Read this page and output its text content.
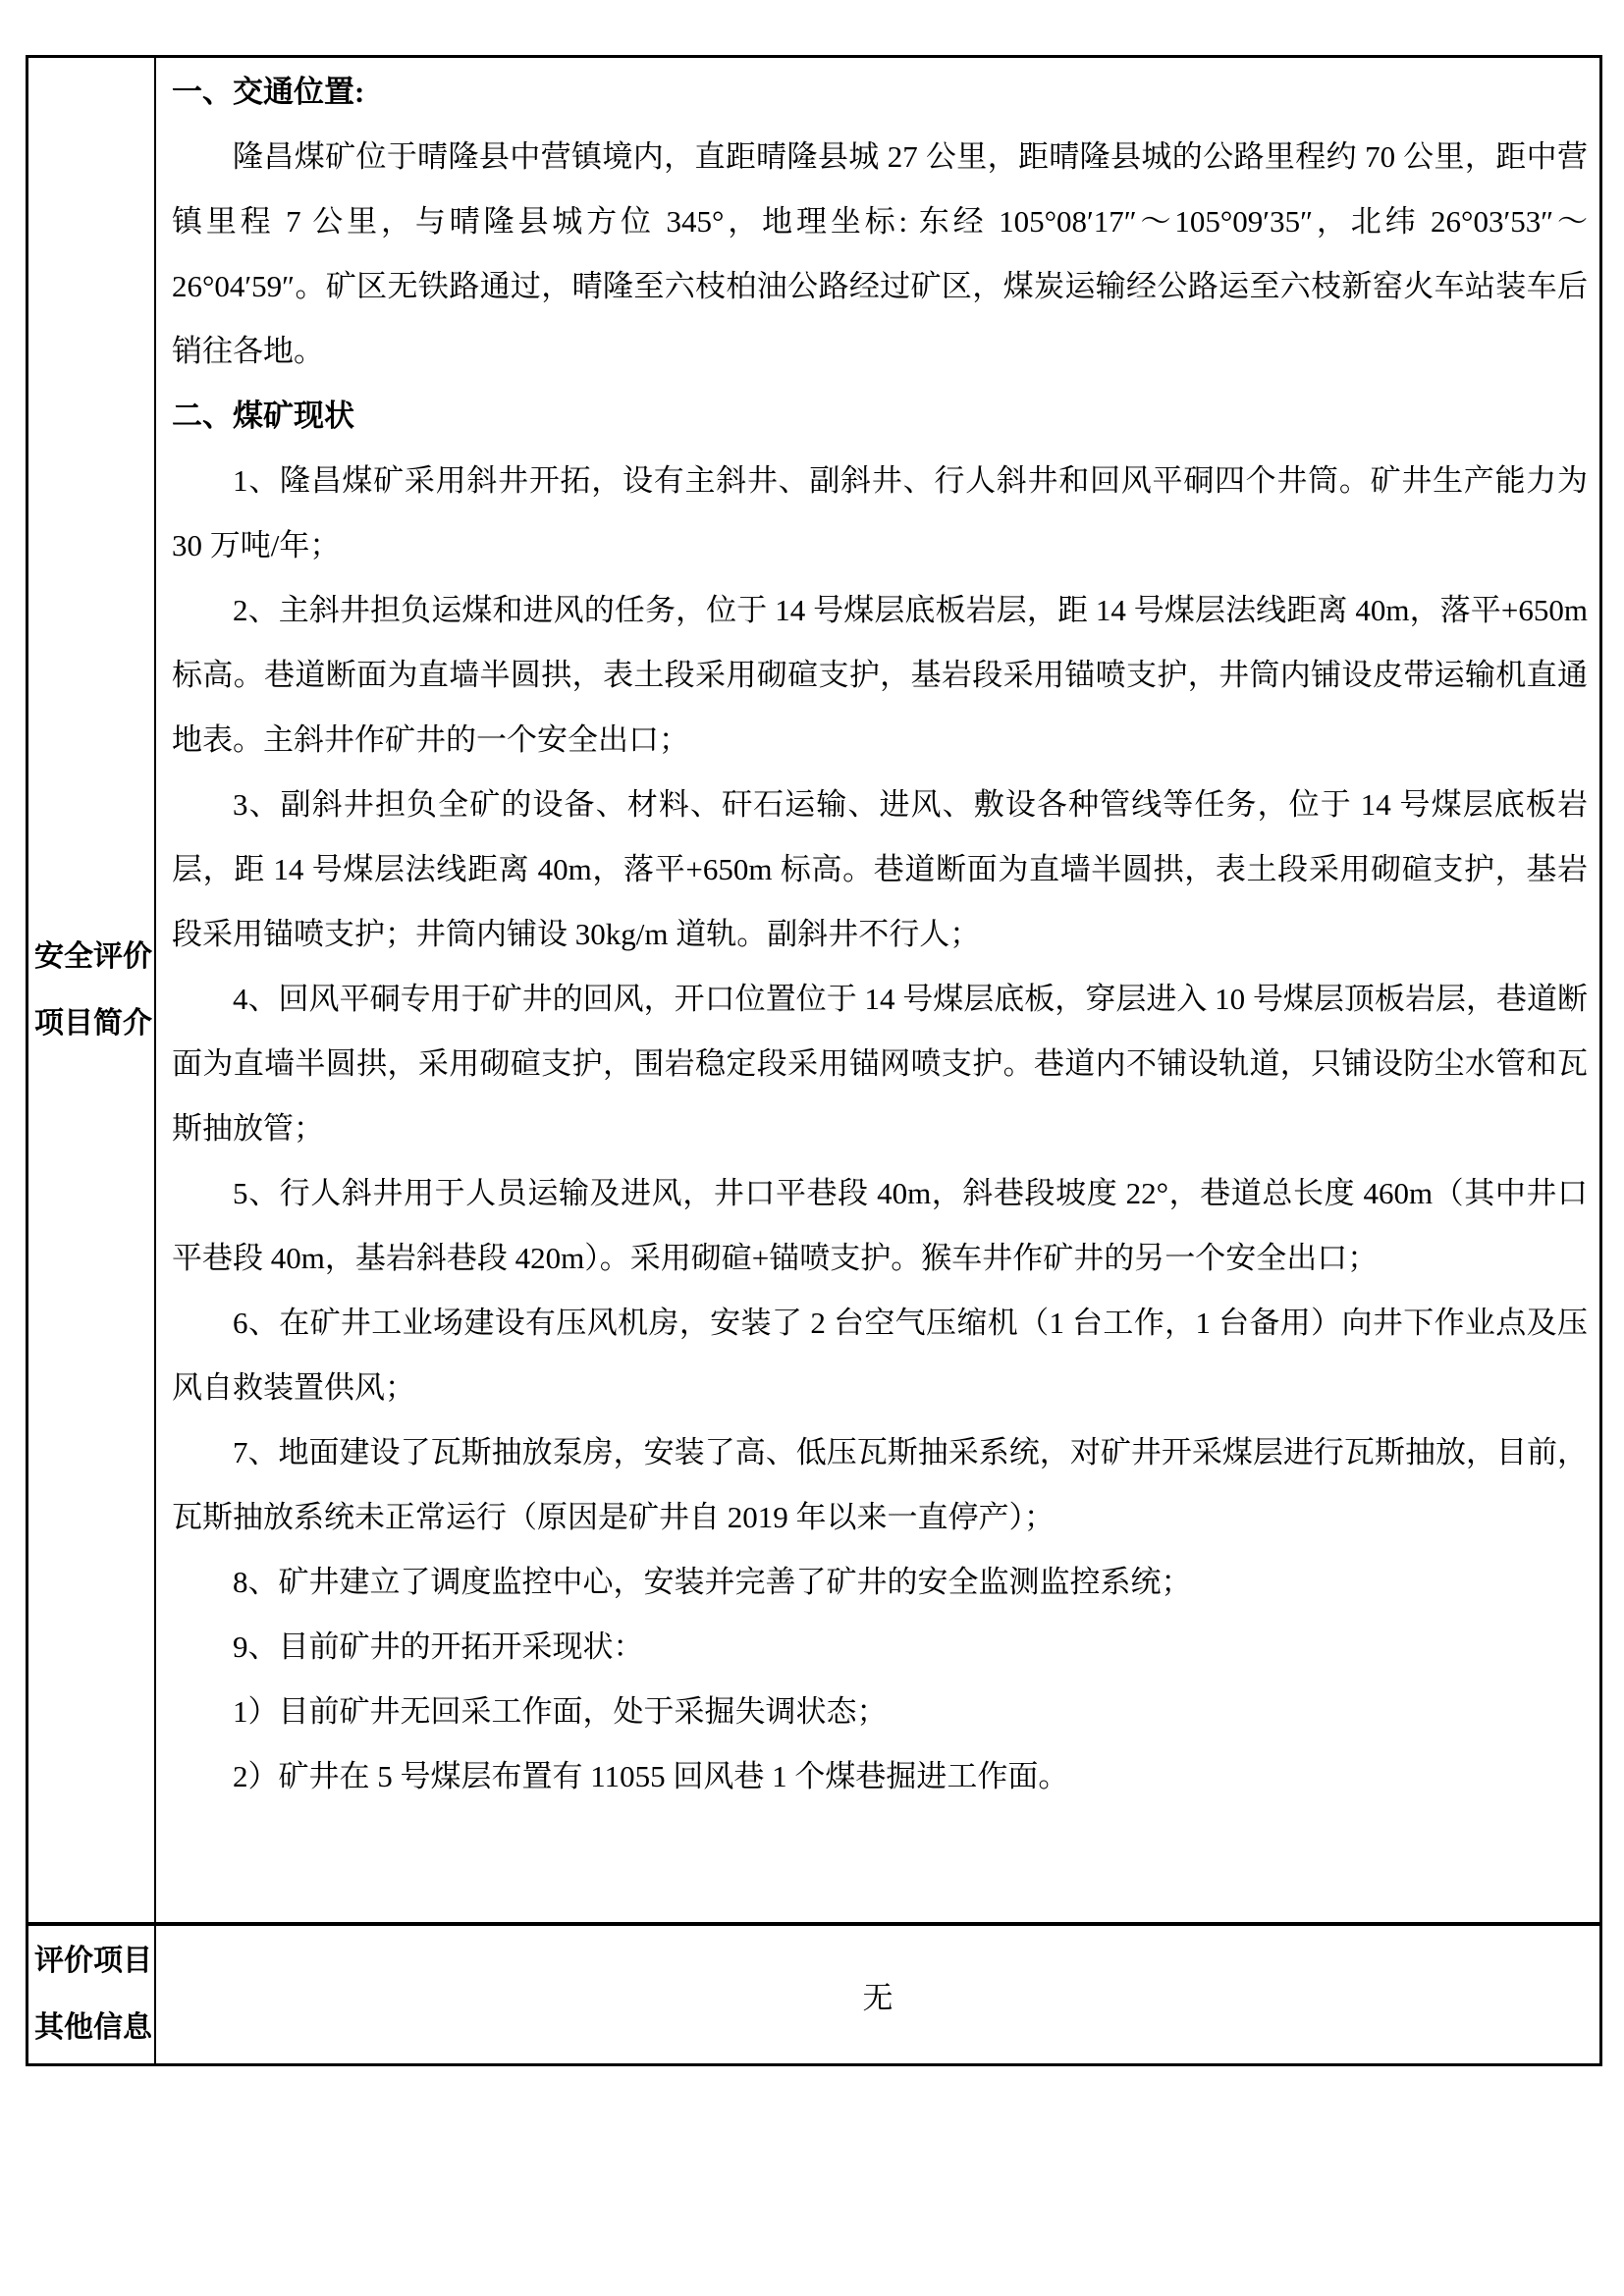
安全评价
项目简介

一、交通位置:

隆昌煤矿位于晴隆县中营镇境内，直距晴隆县城 27 公里，距晴隆县城的公路里程约 70 公里，距中营镇里程 7 公里，与晴隆县城方位 345°，地理坐标: 东经 105°08′17″～105°09′35″，北纬 26°03′53″～26°04′59″。矿区无铁路通过，晴隆至六枝柏油公路经过矿区，煤炭运输经公路运至六枝新窑火车站装车后销往各地。

二、煤矿现状

1、隆昌煤矿采用斜井开拓，设有主斜井、副斜井、行人斜井和回风平硐四个井筒。矿井生产能力为 30 万吨/年；

2、主斜井担负运煤和进风的任务，位于 14 号煤层底板岩层，距 14 号煤层法线距离 40m，落平+650m 标高。巷道断面为直墙半圆拱，表土段采用砌碹支护，基岩段采用锚喷支护，井筒内铺设皮带运输机直通地表。主斜井作矿井的一个安全出口；

3、副斜井担负全矿的设备、材料、矸石运输、进风、敷设各种管线等任务，位于 14 号煤层底板岩层，距 14 号煤层法线距离 40m，落平+650m 标高。巷道断面为直墙半圆拱，表土段采用砌碹支护，基岩段采用锚喷支护；井筒内铺设 30kg/m 道轨。副斜井不行人；

4、回风平硐专用于矿井的回风，开口位置位于 14 号煤层底板，穿层进入 10 号煤层顶板岩层，巷道断面为直墙半圆拱，采用砌碹支护，围岩稳定段采用锚网喷支护。巷道内不铺设轨道，只铺设防尘水管和瓦斯抽放管；

5、行人斜井用于人员运输及进风，井口平巷段 40m，斜巷段坡度 22°，巷道总长度 460m（其中井口平巷段 40m，基岩斜巷段 420m）。采用砌碹+锚喷支护。猴车井作矿井的另一个安全出口；

6、在矿井工业场建设有压风机房，安装了 2 台空气压缩机（1 台工作，1 台备用）向井下作业点及压风自救装置供风；

7、地面建设了瓦斯抽放泵房，安装了高、低压瓦斯抽采系统，对矿井开采煤层进行瓦斯抽放，目前，瓦斯抽放系统未正常运行（原因是矿井自 2019 年以来一直停产）；

8、矿井建立了调度监控中心，安装并完善了矿井的安全监测监控系统；

9、目前矿井的开拓开采现状：

1）目前矿井无回采工作面，处于采掘失调状态；

2）矿井在 5 号煤层布置有 11055 回风巷 1 个煤巷掘进工作面。

评价项目
其他信息	无
